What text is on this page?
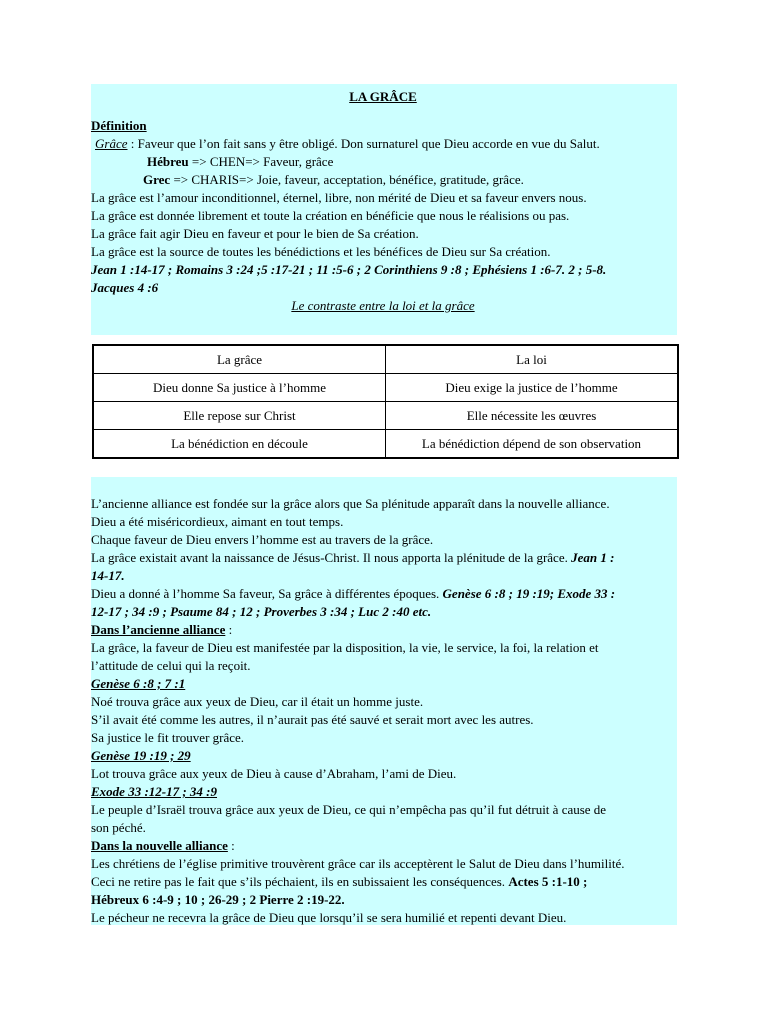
LA GRÂCE
Définition
Grâce : Faveur que l’on fait sans y être obligé. Don surnaturel que Dieu accorde en vue du Salut.
Hébreu => CHEN=> Faveur, grâce
Grec => CHARIS=> Joie, faveur, acceptation, bénéfice, gratitude, grâce.
La grâce est l’amour inconditionnel, éternel, libre, non mérité de Dieu et sa faveur envers nous.
La grâce est donnée librement et toute la création en bénéficie que nous le réalisions ou pas.
La grâce fait agir Dieu en faveur et pour le bien de Sa création.
La grâce est la source de toutes les bénédictions et les bénéfices de Dieu sur Sa création.
Jean 1 :14-17 ; Romains 3 :24 ;5 :17-21 ; 11 :5-6 ; 2 Corinthiens 9 :8 ; Ephésiens 1 :6-7. 2 ; 5-8.
Jacques 4 :6
Le contraste entre la loi et la grâce
La grâce	La loi
Dieu donne Sa justice à l’homme	Dieu exige la justice de l’homme
Elle repose sur Christ	Elle nécessite les œuvres
La bénédiction en découle	La bénédiction dépend de son observation
L’ancienne alliance est fondée sur la grâce alors que Sa plénitude apparaît dans la nouvelle alliance.
Dieu a été miséricordieux, aimant en tout temps.
Chaque faveur de Dieu envers l’homme est au travers de la grâce.
La grâce existait avant la naissance de Jésus-Christ. Il nous apporta la plénitude de la grâce. Jean 1 :
14-17.
Dieu a donné à l’homme Sa faveur, Sa grâce à différentes époques. Genèse 6 :8 ; 19 :19; Exode 33 :
12-17 ; 34 :9 ; Psaume 84 ; 12 ; Proverbes 3 :34 ; Luc 2 :40 etc.
Dans l’ancienne alliance :
La grâce, la faveur de Dieu est manifestée par la disposition, la vie, le service, la foi, la relation et
l’attitude de celui qui la reçoit.
Genèse 6 :8 ; 7 :1
Noé trouva grâce aux yeux de Dieu, car il était un homme juste.
S’il avait été comme les autres, il n’aurait pas été sauvé et serait mort avec les autres.
Sa justice le fit trouver grâce.
Genèse 19 :19 ; 29
Lot trouva grâce aux yeux de Dieu à cause d’Abraham, l’ami de Dieu.
Exode 33 :12-17 ; 34 :9
Le peuple d’Israël trouva grâce aux yeux de Dieu, ce qui n’empêcha pas qu’il fut détruit à cause de
son péché.
Dans la nouvelle alliance :
Les chrétiens de l’église primitive trouvèrent grâce car ils acceptèrent le Salut de Dieu dans l’humilité.
Ceci ne retire pas le fait que s’ils péchaient, ils en subissaient les conséquences. Actes 5 :1-10 ;
Hébreux 6 :4-9 ; 10 ; 26-29 ; 2 Pierre 2 :19-22.
Le pécheur ne recevra la grâce de Dieu que lorsqu’il se sera humilié et repenti devant Dieu.
